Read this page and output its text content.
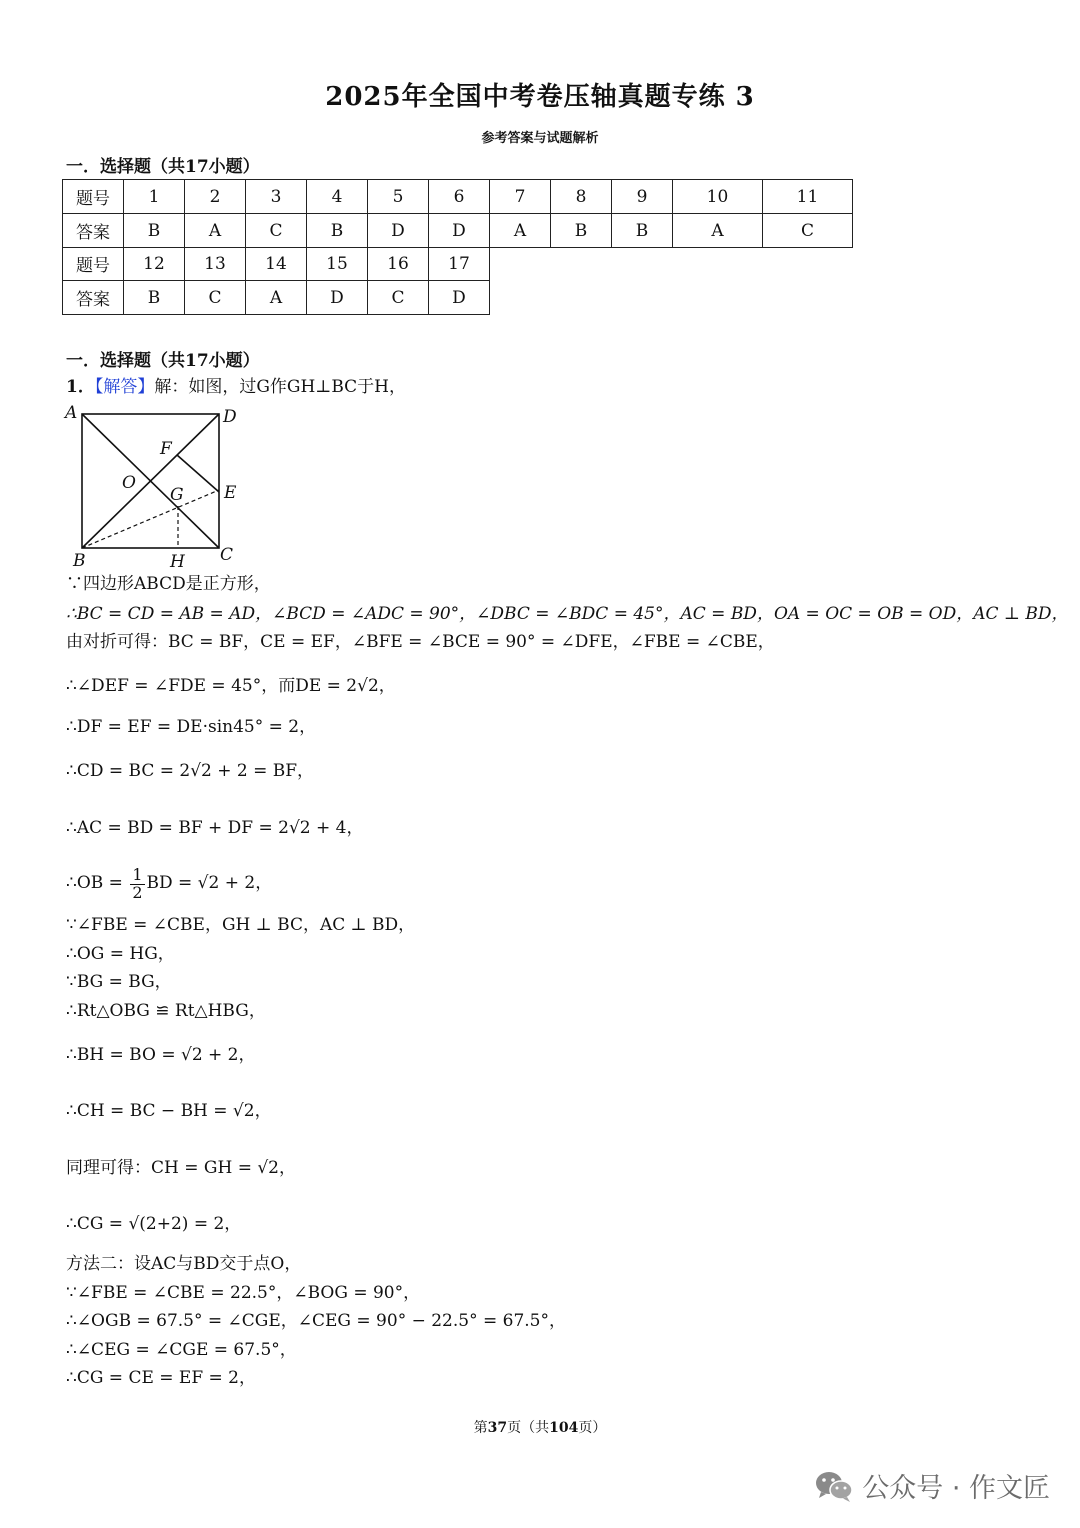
2025年全国中考卷压轴真题专练 3
参考答案与试题解析
一．选择题（共17小题）
题号	1	2	3	4	5	6	7	8	9	10	11
答案	B	A	C	B	D	D	A	B	B	A	C
题号	12	13	14	15	16	17
答案	B	C	A	D	C	D
一．选择题（共17小题）
1．【解答】解：如图，过G作GH⊥BC于H，
A	D
F
O
G E
B	H C
∵四边形ABCD是正方形，
∴BC = CD = AB = AD，∠BCD = ∠ADC = 90°，∠DBC = ∠BDC = 45°，AC = BD，OA = OC = OB = OD，AC ⊥ BD，
由对折可得：BC = BF，CE = EF，∠BFE = ∠BCE = 90° = ∠DFE，∠FBE = ∠CBE，
∴∠DEF = ∠FDE = 45°，而DE = 2√2，
∴DF = EF = DE·sin45° = 2，
∴CD = BC = 2√2 + 2 = BF，
∴AC = BD = BF + DF = 2√2 + 4，
∴OB = $\frac{1}{2}$ BD = √2 + 2，
∵∠FBE = ∠CBE，GH ⊥ BC，AC ⊥ BD，
∴OG = HG，
∵BG = BG，
∴Rt△OBG ≌ Rt△HBG，
∴BH = BO = √2 + 2，
∴CH = BC − BH = √2，
同理可得：CH = GH = √2，
∴CG = √(2+2) = 2，
方法二：设AC与BD交于点O，
∵∠FBE = ∠CBE = 22.5°，∠BOG = 90°，
∴∠OGB = 67.5° = ∠CGE，∠CEG = 90° − 22.5° = 67.5°，
∴∠CEG = ∠CGE = 67.5°，
∴CG = CE = EF = 2，
第37页（共104页）
公众号 · 作文匠
